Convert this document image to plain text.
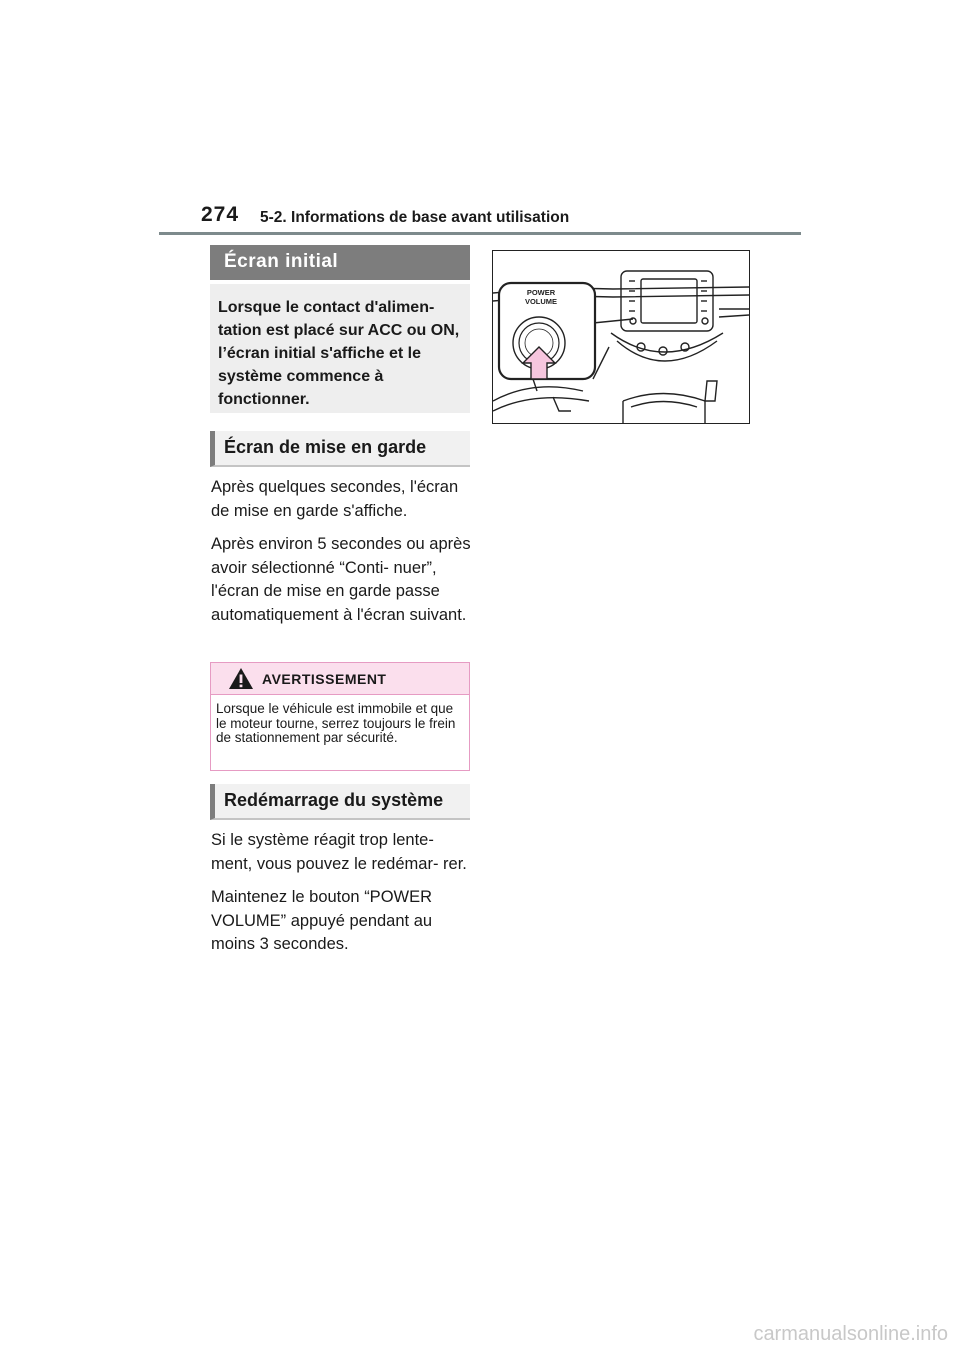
274 5-2. Informations de base avant utilisation
Écran initial
Lorsque le contact d'alimen- tation est placé sur ACC ou ON, l’écran initial s'affiche et le système commence à fonctionner.
Écran de mise en garde

Après quelques secondes, l'écran de mise en garde s'affiche.

Après environ 5 secondes ou après avoir sélectionné “Conti- nuer”, l'écran de mise en garde passe automatiquement à l'écran suivant.

AVERTISSEMENT
Lorsque le véhicule est immobile et que le moteur tourne, serrez toujours le frein de stationnement par sécurité.
Redémarrage du système

Si le système réagit trop lente- ment, vous pouvez le redémar- rer.

Maintenez le bouton “POWER VOLUME” appuyé pendant au moins 3 secondes.

POWER
VOLUME
carmanualsonline.info
